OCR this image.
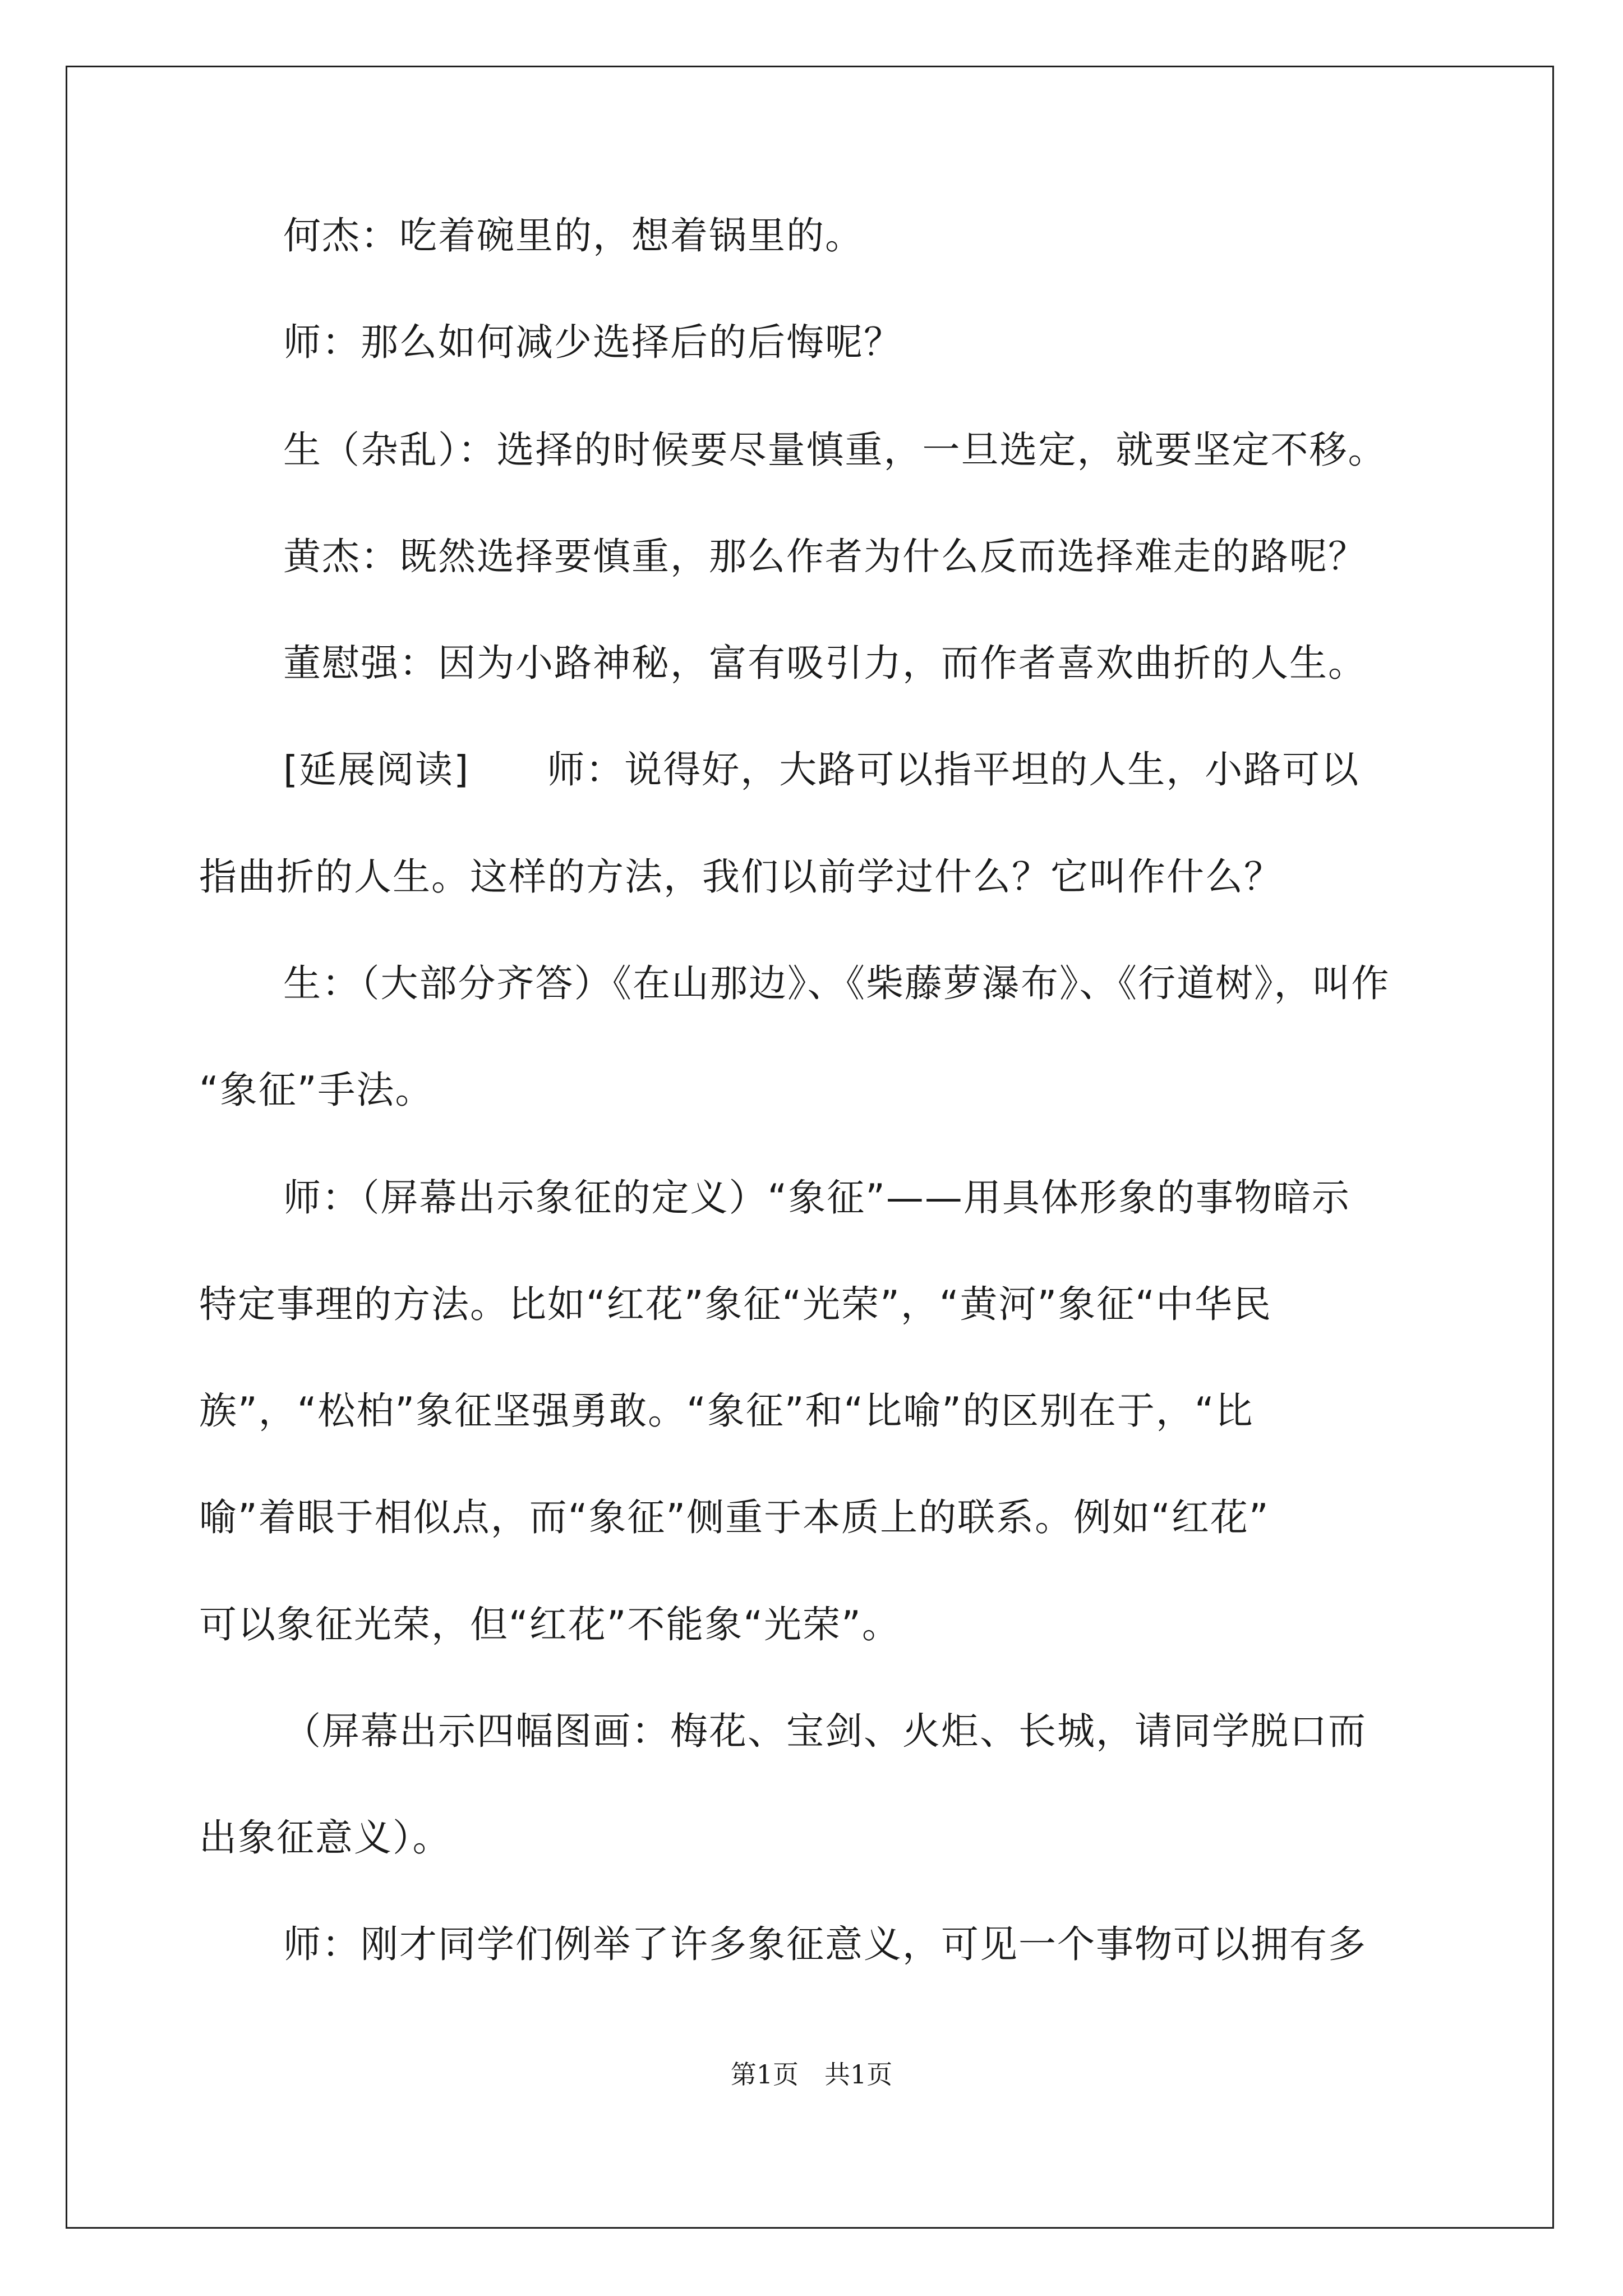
何杰：吃着碗里的，想着锅里的。
师：那么如何减少选择后的后悔呢？
生（杂乱）：选择的时候要尽量慎重，一旦选定，就要坚定不移。
黄杰：既然选择要慎重，那么作者为什么反而选择难走的路呢？
董慰强：因为小路神秘，富有吸引力，而作者喜欢曲折的人生。
[延展阅读]　　师：说得好，大路可以指平坦的人生，小路可以
指曲折的人生。这样的方法，我们以前学过什么？它叫作什么？
生：（大部分齐答）《在山那边》、《柴藤萝瀑布》、《行道树》，叫作
“象征”手法。
师：（屏幕出示象征的定义）“象征”——用具体形象的事物暗示
特定事理的方法。比如“红花”象征“光荣”，“黄河”象征“中华民
族”，“松柏”象征坚强勇敢。“象征”和“比喻”的区别在于，“比
喻”着眼于相似点，而“象征”侧重于本质上的联系。例如“红花”
可以象征光荣，但“红花”不能象“光荣”。
（屏幕出示四幅图画：梅花、宝剑、火炬、长城，请同学脱口而
出象征意义）。
师：刚才同学们例举了许多象征意义，可见一个事物可以拥有多
第1页　共1页
